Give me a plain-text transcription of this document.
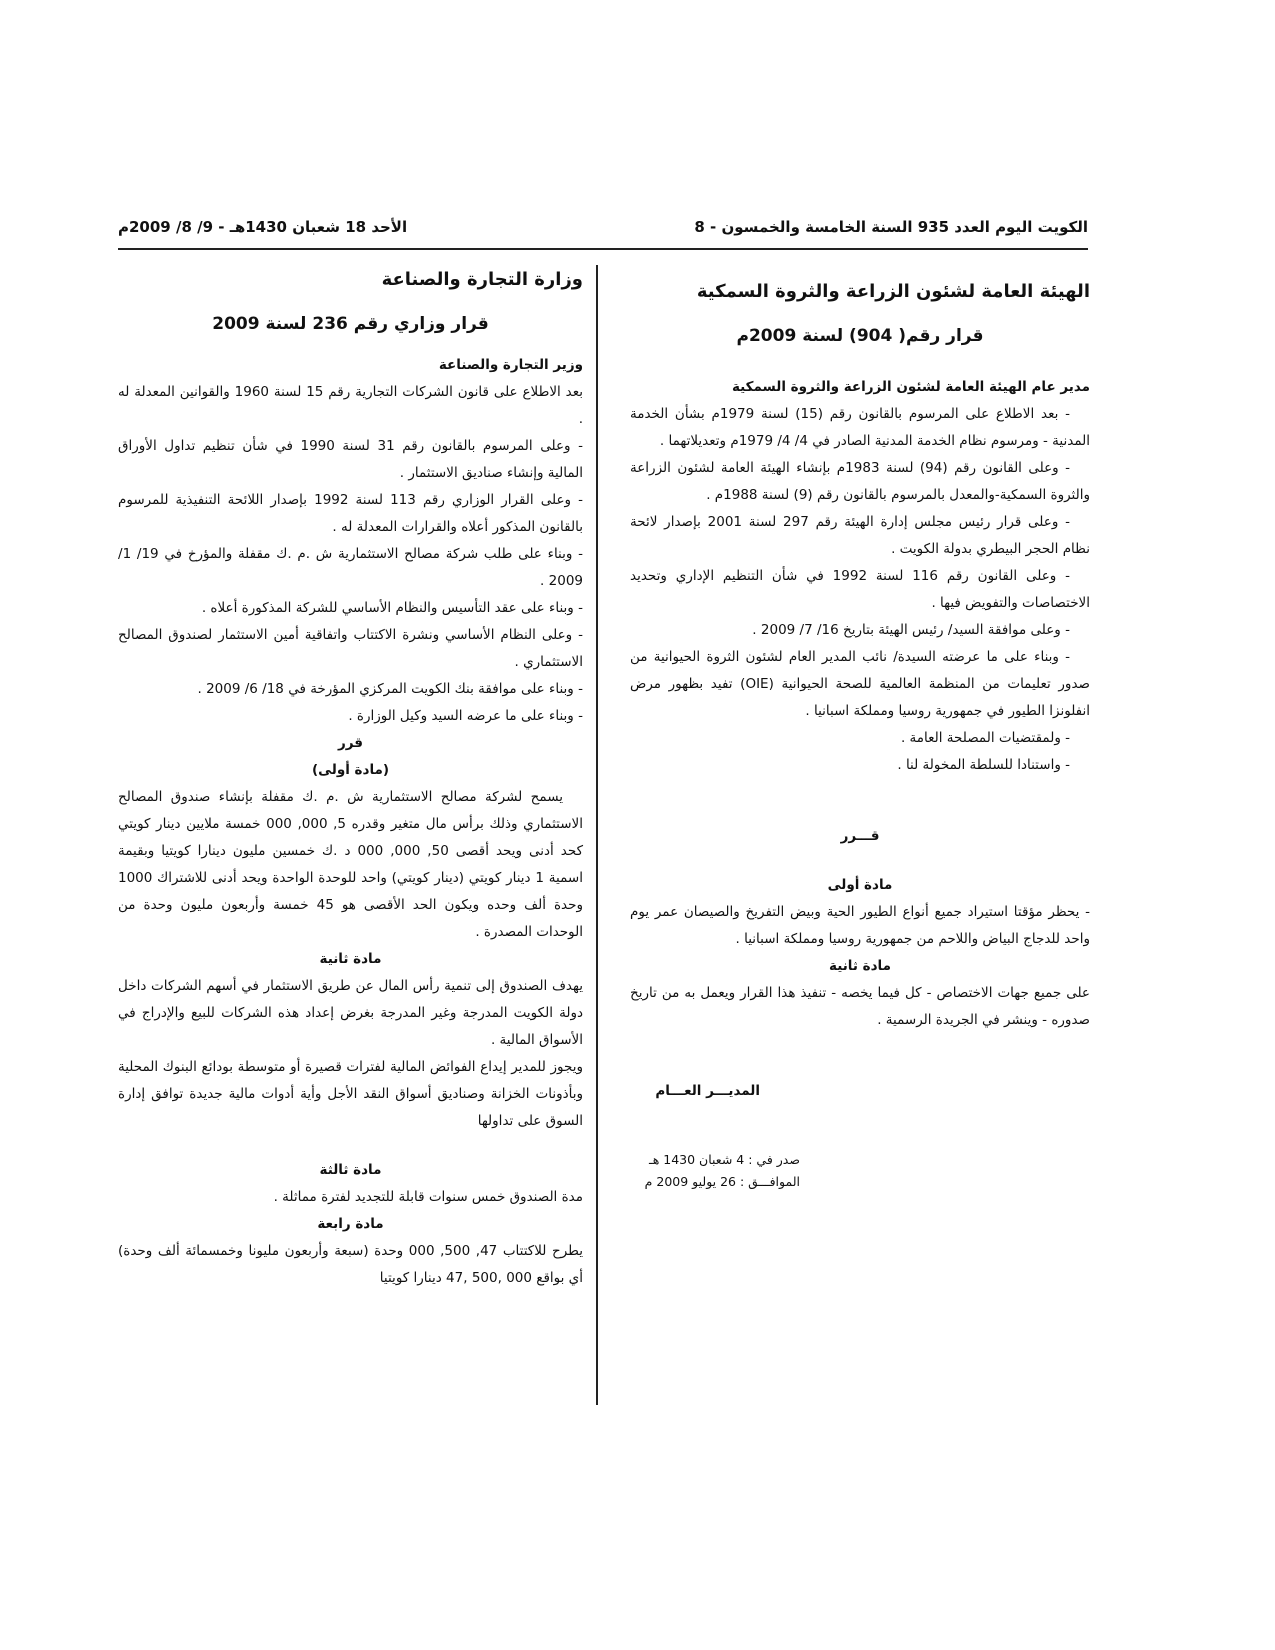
الكويت اليوم العدد 935 السنة الخامسة والخمسون - 8
الأحد 18 شعبان 1430هـ - 9/ 8/ 2009م

الهيئة العامة لشئون الزراعة والثروة السمكية

قرار رقم( 904) لسنة 2009م

مدير عام الهيئة العامة لشئون الزراعة والثروة السمكية

- بعد الاطلاع على المرسوم بالقانون رقم (15) لسنة 1979م بشأن الخدمة المدنية - ومرسوم نظام الخدمة المدنية الصادر في 4/ 4/ 1979م وتعديلاتهما .

- وعلى القانون رقم (94) لسنة 1983م بإنشاء الهيئة العامة لشئون الزراعة والثروة السمكية-والمعدل بالمرسوم بالقانون رقم (9) لسنة 1988م .

- وعلى قرار رئيس مجلس إدارة الهيئة رقم 297 لسنة 2001 بإصدار لائحة نظام الحجر البيطري بدولة الكويت .

- وعلى القانون رقم 116 لسنة 1992 في شأن التنظيم الإداري وتحديد الاختصاصات والتفويض فيها .

- وعلى موافقة السيد/ رئيس الهيئة بتاريخ 16/ 7/ 2009 .

- وبناء على ما عرضته السيدة/ نائب المدير العام لشئون الثروة الحيوانية من صدور تعليمات من المنظمة العالمية للصحة الحيوانية (OIE) تفيد بظهور مرض انفلونزا الطيور في جمهورية روسيا ومملكة اسبانيا .

- ولمقتضيات المصلحة العامة .

- واستنادا للسلطة المخولة لنا .

قـــرر

مادة أولى

- يحظر مؤقتا استيراد جميع أنواع الطيور الحية وبيض التفريخ والصيصان عمر يوم واحد للدجاج البياض واللاحم من جمهورية روسيا ومملكة اسبانيا .

مادة ثانية

على جميع جهات الاختصاص - كل فيما يخصه - تنفيذ هذا القرار ويعمل به من تاريخ صدوره - وينشر في الجريدة الرسمية .

المديـــر العـــام

صدر في : 4 شعبان 1430 هـ

الموافـــق : 26 يوليو 2009 م

وزارة التجارة والصناعة

قرار وزاري رقم 236 لسنة 2009

وزير التجارة والصناعة

بعد الاطلاع على قانون الشركات التجارية رقم 15 لسنة 1960 والقوانين المعدلة له .

- وعلى المرسوم بالقانون رقم 31 لسنة 1990 في شأن تنظيم تداول الأوراق المالية وإنشاء صناديق الاستثمار .

- وعلى القرار الوزاري رقم 113 لسنة 1992 بإصدار اللائحة التنفيذية للمرسوم بالقانون المذكور أعلاه والقرارات المعدلة له .

- وبناء على طلب شركة مصالح الاستثمارية ش .م .ك مقفلة والمؤرخ في 19/ 1/ 2009 .

- وبناء على عقد التأسيس والنظام الأساسي للشركة المذكورة أعلاه .

- وعلى النظام الأساسي ونشرة الاكتتاب واتفاقية أمين الاستثمار لصندوق المصالح الاستثماري .

- وبناء على موافقة بنك الكويت المركزي المؤرخة في 18/ 6/ 2009 .

- وبناء على ما عرضه السيد وكيل الوزارة .

قرر

(مادة أولى)

يسمح لشركة مصالح الاستثمارية ش .م .ك مقفلة بإنشاء صندوق المصالح الاستثماري وذلك برأس مال متغير وقدره 5, 000, 000 خمسة ملايين دينار كويتي كحد أدنى ويحد أقصى 50, 000, 000 د .ك خمسين مليون دينارا كويتيا وبقيمة اسمية 1 دينار كويتي (دينار كويتي) واحد للوحدة الواحدة ويحد أدنى للاشتراك 1000 وحدة ألف وحده ويكون الحد الأقصى هو 45 خمسة وأربعون مليون وحدة من الوحدات المصدرة .

مادة ثانية

يهدف الصندوق إلى تنمية رأس المال عن طريق الاستثمار في أسهم الشركات داخل دولة الكويت المدرجة وغير المدرجة بغرض إعداد هذه الشركات للبيع والإدراج في الأسواق المالية .

ويجوز للمدير إيداع الفوائض المالية لفترات قصيرة أو متوسطة بودائع البنوك المحلية وبأذونات الخزانة وصناديق أسواق النقد الأجل وأية أدوات مالية جديدة توافق إدارة السوق على تداولها

مادة ثالثة

مدة الصندوق خمس سنوات قابلة للتجديد لفترة مماثلة .

مادة رابعة

يطرح للاكتتاب 47, 500, 000 وحدة (سبعة وأربعون مليونا وخمسمائة ألف وحدة) أي بواقع 000 ,500 ,47 دينارا كويتيا
